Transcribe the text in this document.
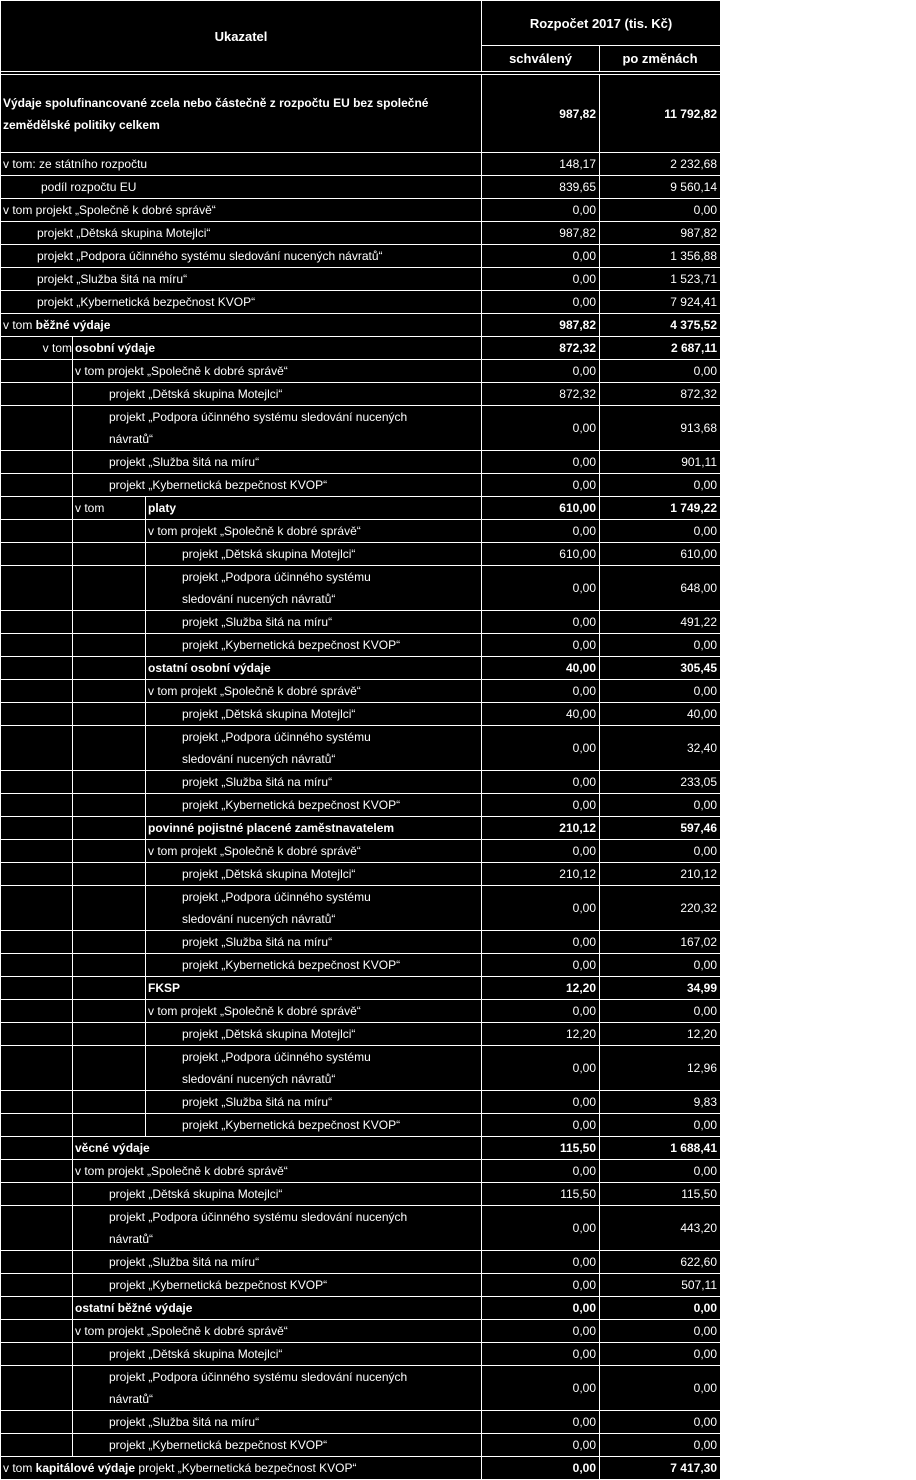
Ukazatel			Rozpočet 2017 (tis. Kč)	
			schválený	po změnách

Výdaje spolufinancované zcela nebo částečně z rozpočtu EU bez společné zemědělské politiky celkem			987,82	11 792,82
v tom: ze státního rozpočtu			148,17	2 232,68
podíl rozpočtu EU			839,65	9 560,14
v tom projekt „Společně k dobré správě“			0,00	0,00
projekt „Dětská skupina Motejlci“			987,82	987,82
projekt „Podpora účinného systému sledování nucených návratů“			0,00	1 356,88
projekt „Služba šitá na míru“			0,00	1 523,71
projekt „Kybernetická bezpečnost KVOP“			0,00	7 924,41
v tom běžné výdaje			987,82	4 375,52
v tom	osobní výdaje		872,32	2 687,11
	v tom projekt „Společně k dobré správě“		0,00	0,00
	projekt „Dětská skupina Motejlci“		872,32	872,32
	projekt „Podpora účinného systému sledování nucených návratů“		0,00	913,68
	projekt „Služba šitá na míru“		0,00	901,11
	projekt „Kybernetická bezpečnost KVOP“		0,00	0,00
	v tom	platy	610,00	1 749,22
		v tom projekt „Společně k dobré správě“	0,00	0,00
		projekt „Dětská skupina Motejlci“	610,00	610,00
		projekt „Podpora účinného systému sledování nucených návratů“	0,00	648,00
		projekt „Služba šitá na míru“	0,00	491,22
		projekt „Kybernetická bezpečnost KVOP“	0,00	0,00
		ostatní osobní výdaje	40,00	305,45
		v tom projekt „Společně k dobré správě“	0,00	0,00
		projekt „Dětská skupina Motejlci“	40,00	40,00
		projekt „Podpora účinného systému sledování nucených návratů“	0,00	32,40
		projekt „Služba šitá na míru“	0,00	233,05
		projekt „Kybernetická bezpečnost KVOP“	0,00	0,00
		povinné pojistné placené zaměstnavatelem	210,12	597,46
		v tom projekt „Společně k dobré správě“	0,00	0,00
		projekt „Dětská skupina Motejlci“	210,12	210,12
		projekt „Podpora účinného systému sledování nucených návratů“	0,00	220,32
		projekt „Služba šitá na míru“	0,00	167,02
		projekt „Kybernetická bezpečnost KVOP“	0,00	0,00
		FKSP	12,20	34,99
		v tom projekt „Společně k dobré správě“	0,00	0,00
		projekt „Dětská skupina Motejlci“	12,20	12,20
		projekt „Podpora účinného systému sledování nucených návratů“	0,00	12,96
		projekt „Služba šitá na míru“	0,00	9,83
		projekt „Kybernetická bezpečnost KVOP“	0,00	0,00
	věcné výdaje		115,50	1 688,41
	v tom projekt „Společně k dobré správě“		0,00	0,00
	projekt „Dětská skupina Motejlci“		115,50	115,50
	projekt „Podpora účinného systému sledování nucených návratů“		0,00	443,20
	projekt „Služba šitá na míru“		0,00	622,60
	projekt „Kybernetická bezpečnost KVOP“		0,00	507,11
	ostatní běžné výdaje		0,00	0,00
	v tom projekt „Společně k dobré správě“		0,00	0,00
	projekt „Dětská skupina Motejlci“		0,00	0,00
	projekt „Podpora účinného systému sledování nucených návratů“		0,00	0,00
	projekt „Služba šitá na míru“		0,00	0,00
	projekt „Kybernetická bezpečnost KVOP“		0,00	0,00
v tom kapitálové výdaje projekt „Kybernetická bezpečnost KVOP“			0,00	7 417,30
